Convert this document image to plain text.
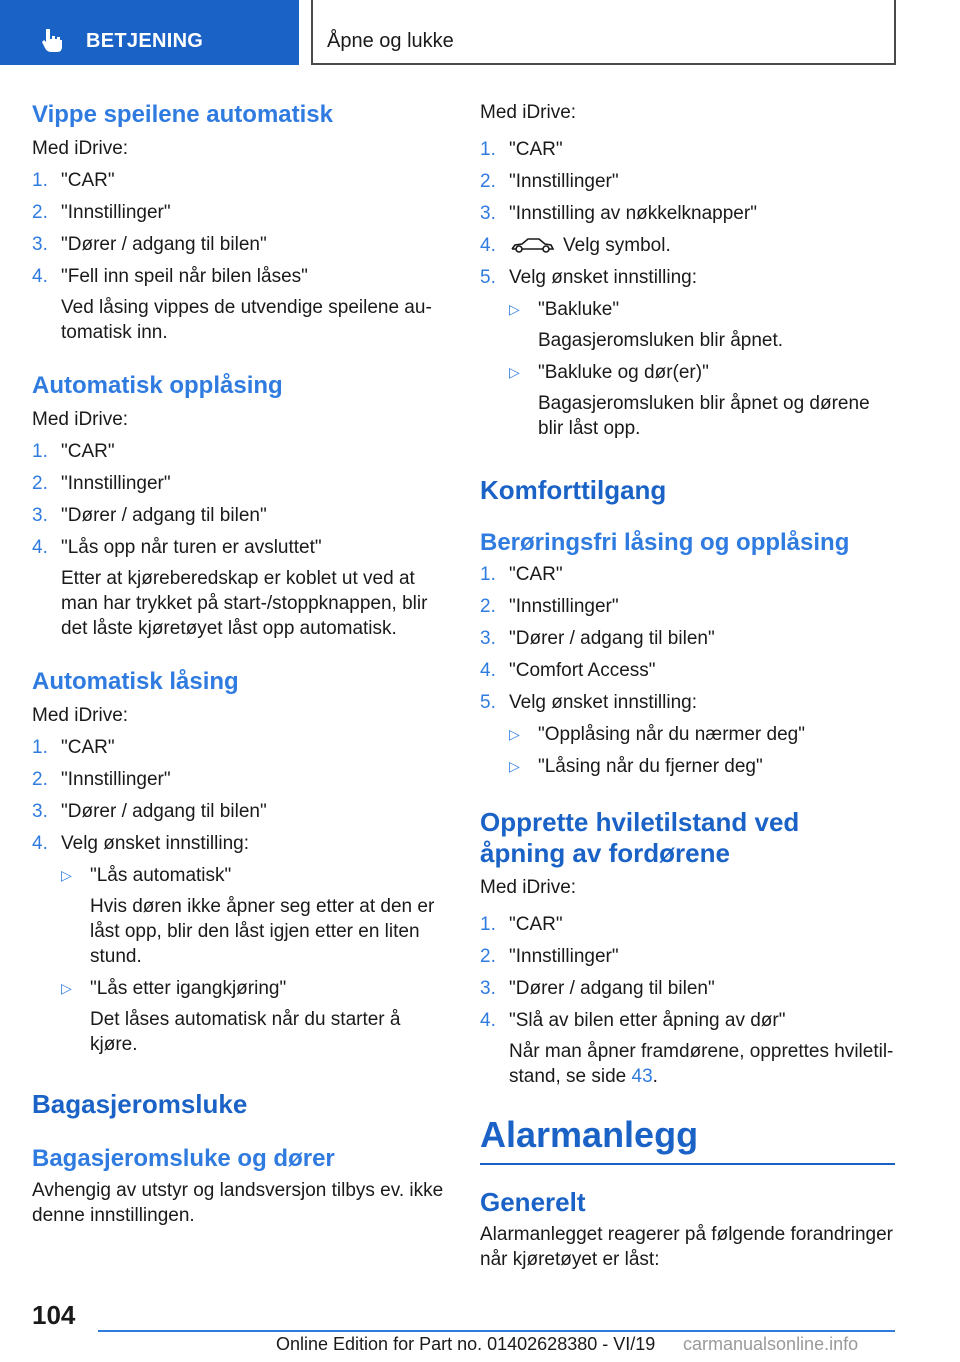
BETJENING	Åpne og lukke
Vippe speilene automatisk
Med iDrive:
1. "CAR"
2. "Innstillinger"
3. "Dører / adgang til bilen"
4. "Fell inn speil når bilen låses"
Ved låsing vippes de utvendige speilene au-tomatisk inn.
Automatisk opplåsing
Med iDrive:
1. "CAR"
2. "Innstillinger"
3. "Dører / adgang til bilen"
4. "Lås opp når turen er avsluttet"
Etter at kjøreberedskap er koblet ut ved at man har trykket på start-/stoppknappen, blir det låste kjøretøyet låst opp automatisk.
Automatisk låsing
Med iDrive:
1. "CAR"
2. "Innstillinger"
3. "Dører / adgang til bilen"
4. Velg ønsket innstilling:
▷ "Lås automatisk"
Hvis døren ikke åpner seg etter at den er låst opp, blir den låst igjen etter en liten stund.
▷ "Lås etter igangkjøring"
Det låses automatisk når du starter å kjøre.
Bagasjeromsluke
Bagasjeromsluke og dører
Avhengig av utstyr og landsversjon tilbys ev. ikke denne innstillingen.
Med iDrive:
1. "CAR"
2. "Innstillinger"
3. "Innstilling av nøkkelknapper"
4.	Velg symbol.
5. Velg ønsket innstilling:
▷ "Bakluke"
Bagasjeromsluken blir åpnet.
▷ "Bakluke og dør(er)"
Bagasjeromsluken blir åpnet og dørene blir låst opp.
Komforttilgang
Berøringsfri låsing og opplåsing
1. "CAR"
2. "Innstillinger"
3. "Dører / adgang til bilen"
4. "Comfort Access"
5. Velg ønsket innstilling:
▷ "Opplåsing når du nærmer deg"
▷ "Låsing når du fjerner deg"
Opprette hviletilstand ved
åpning av fordørene
Med iDrive:
1. "CAR"
2. "Innstillinger"
3. "Dører / adgang til bilen"
4. "Slå av bilen etter åpning av dør"
Når man åpner framdørene, opprettes hviletil-stand, se side 43.
Alarmanlegg
Generelt
Alarmanlegget reagerer på følgende forandringer når kjøretøyet er låst:
104
Online Edition for Part no. 01402628380 - VI/19 carmanualsonline.info
